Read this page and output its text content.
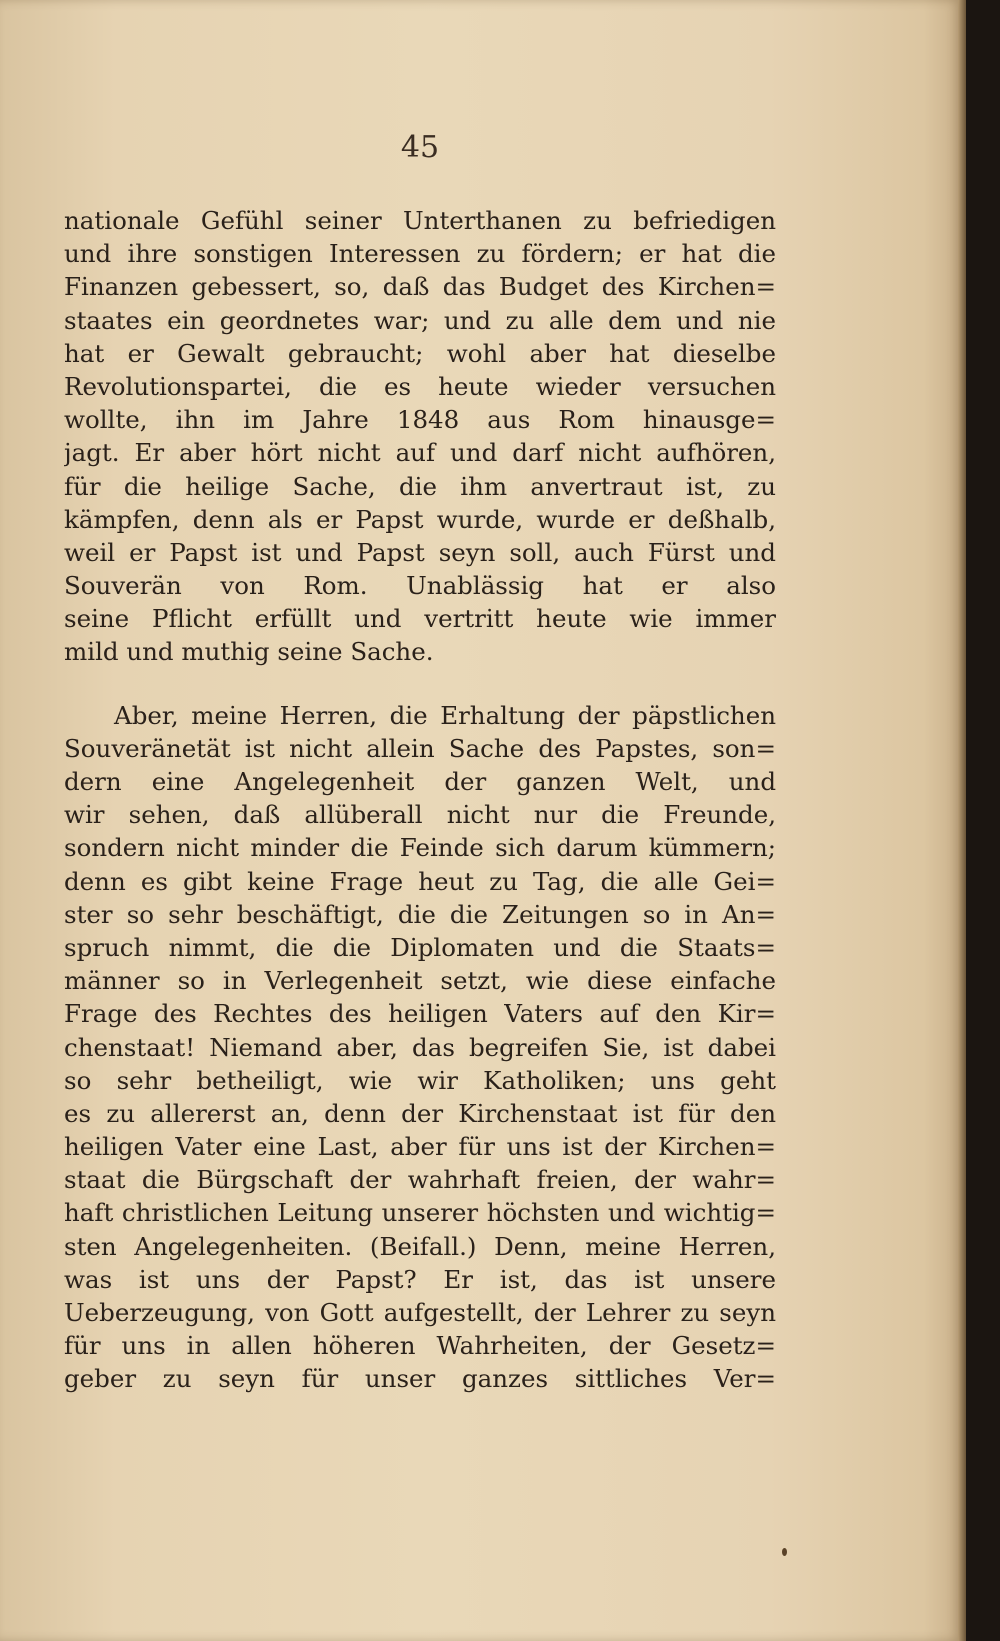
45
nationale Gefühl seiner Unterthanen zu befriedigen
und ihre sonstigen Interessen zu fördern; er hat die
Finanzen gebessert, so, daß das Budget des Kirchen=
staates ein geordnetes war; und zu alle dem und nie
hat er Gewalt gebraucht; wohl aber hat dieselbe
Revolutionspartei, die es heute wieder versuchen
wollte, ihn im Jahre 1848 aus Rom hinausge=
jagt. Er aber hört nicht auf und darf nicht aufhören,
für die heilige Sache, die ihm anvertraut ist, zu
kämpfen, denn als er Papst wurde, wurde er deßhalb,
weil er Papst ist und Papst seyn soll, auch Fürst und
Souverän von Rom. Unablässig hat er also
seine Pflicht erfüllt und vertritt heute wie immer
mild und muthig seine Sache.
Aber, meine Herren, die Erhaltung der päpstlichen
Souveränetät ist nicht allein Sache des Papstes, son=
dern eine Angelegenheit der ganzen Welt, und
wir sehen, daß allüberall nicht nur die Freunde,
sondern nicht minder die Feinde sich darum kümmern;
denn es gibt keine Frage heut zu Tag, die alle Gei=
ster so sehr beschäftigt, die die Zeitungen so in An=
spruch nimmt, die die Diplomaten und die Staats=
männer so in Verlegenheit setzt, wie diese einfache
Frage des Rechtes des heiligen Vaters auf den Kir=
chenstaat! Niemand aber, das begreifen Sie, ist dabei
so sehr betheiligt, wie wir Katholiken; uns geht
es zu allererst an, denn der Kirchenstaat ist für den
heiligen Vater eine Last, aber für uns ist der Kirchen=
staat die Bürgschaft der wahrhaft freien, der wahr=
haft christlichen Leitung unserer höchsten und wichtig=
sten Angelegenheiten. (Beifall.) Denn, meine Herren,
was ist uns der Papst? Er ist, das ist unsere
Ueberzeugung, von Gott aufgestellt, der Lehrer zu seyn
für uns in allen höheren Wahrheiten, der Gesetz=
geber zu seyn für unser ganzes sittliches Ver=
